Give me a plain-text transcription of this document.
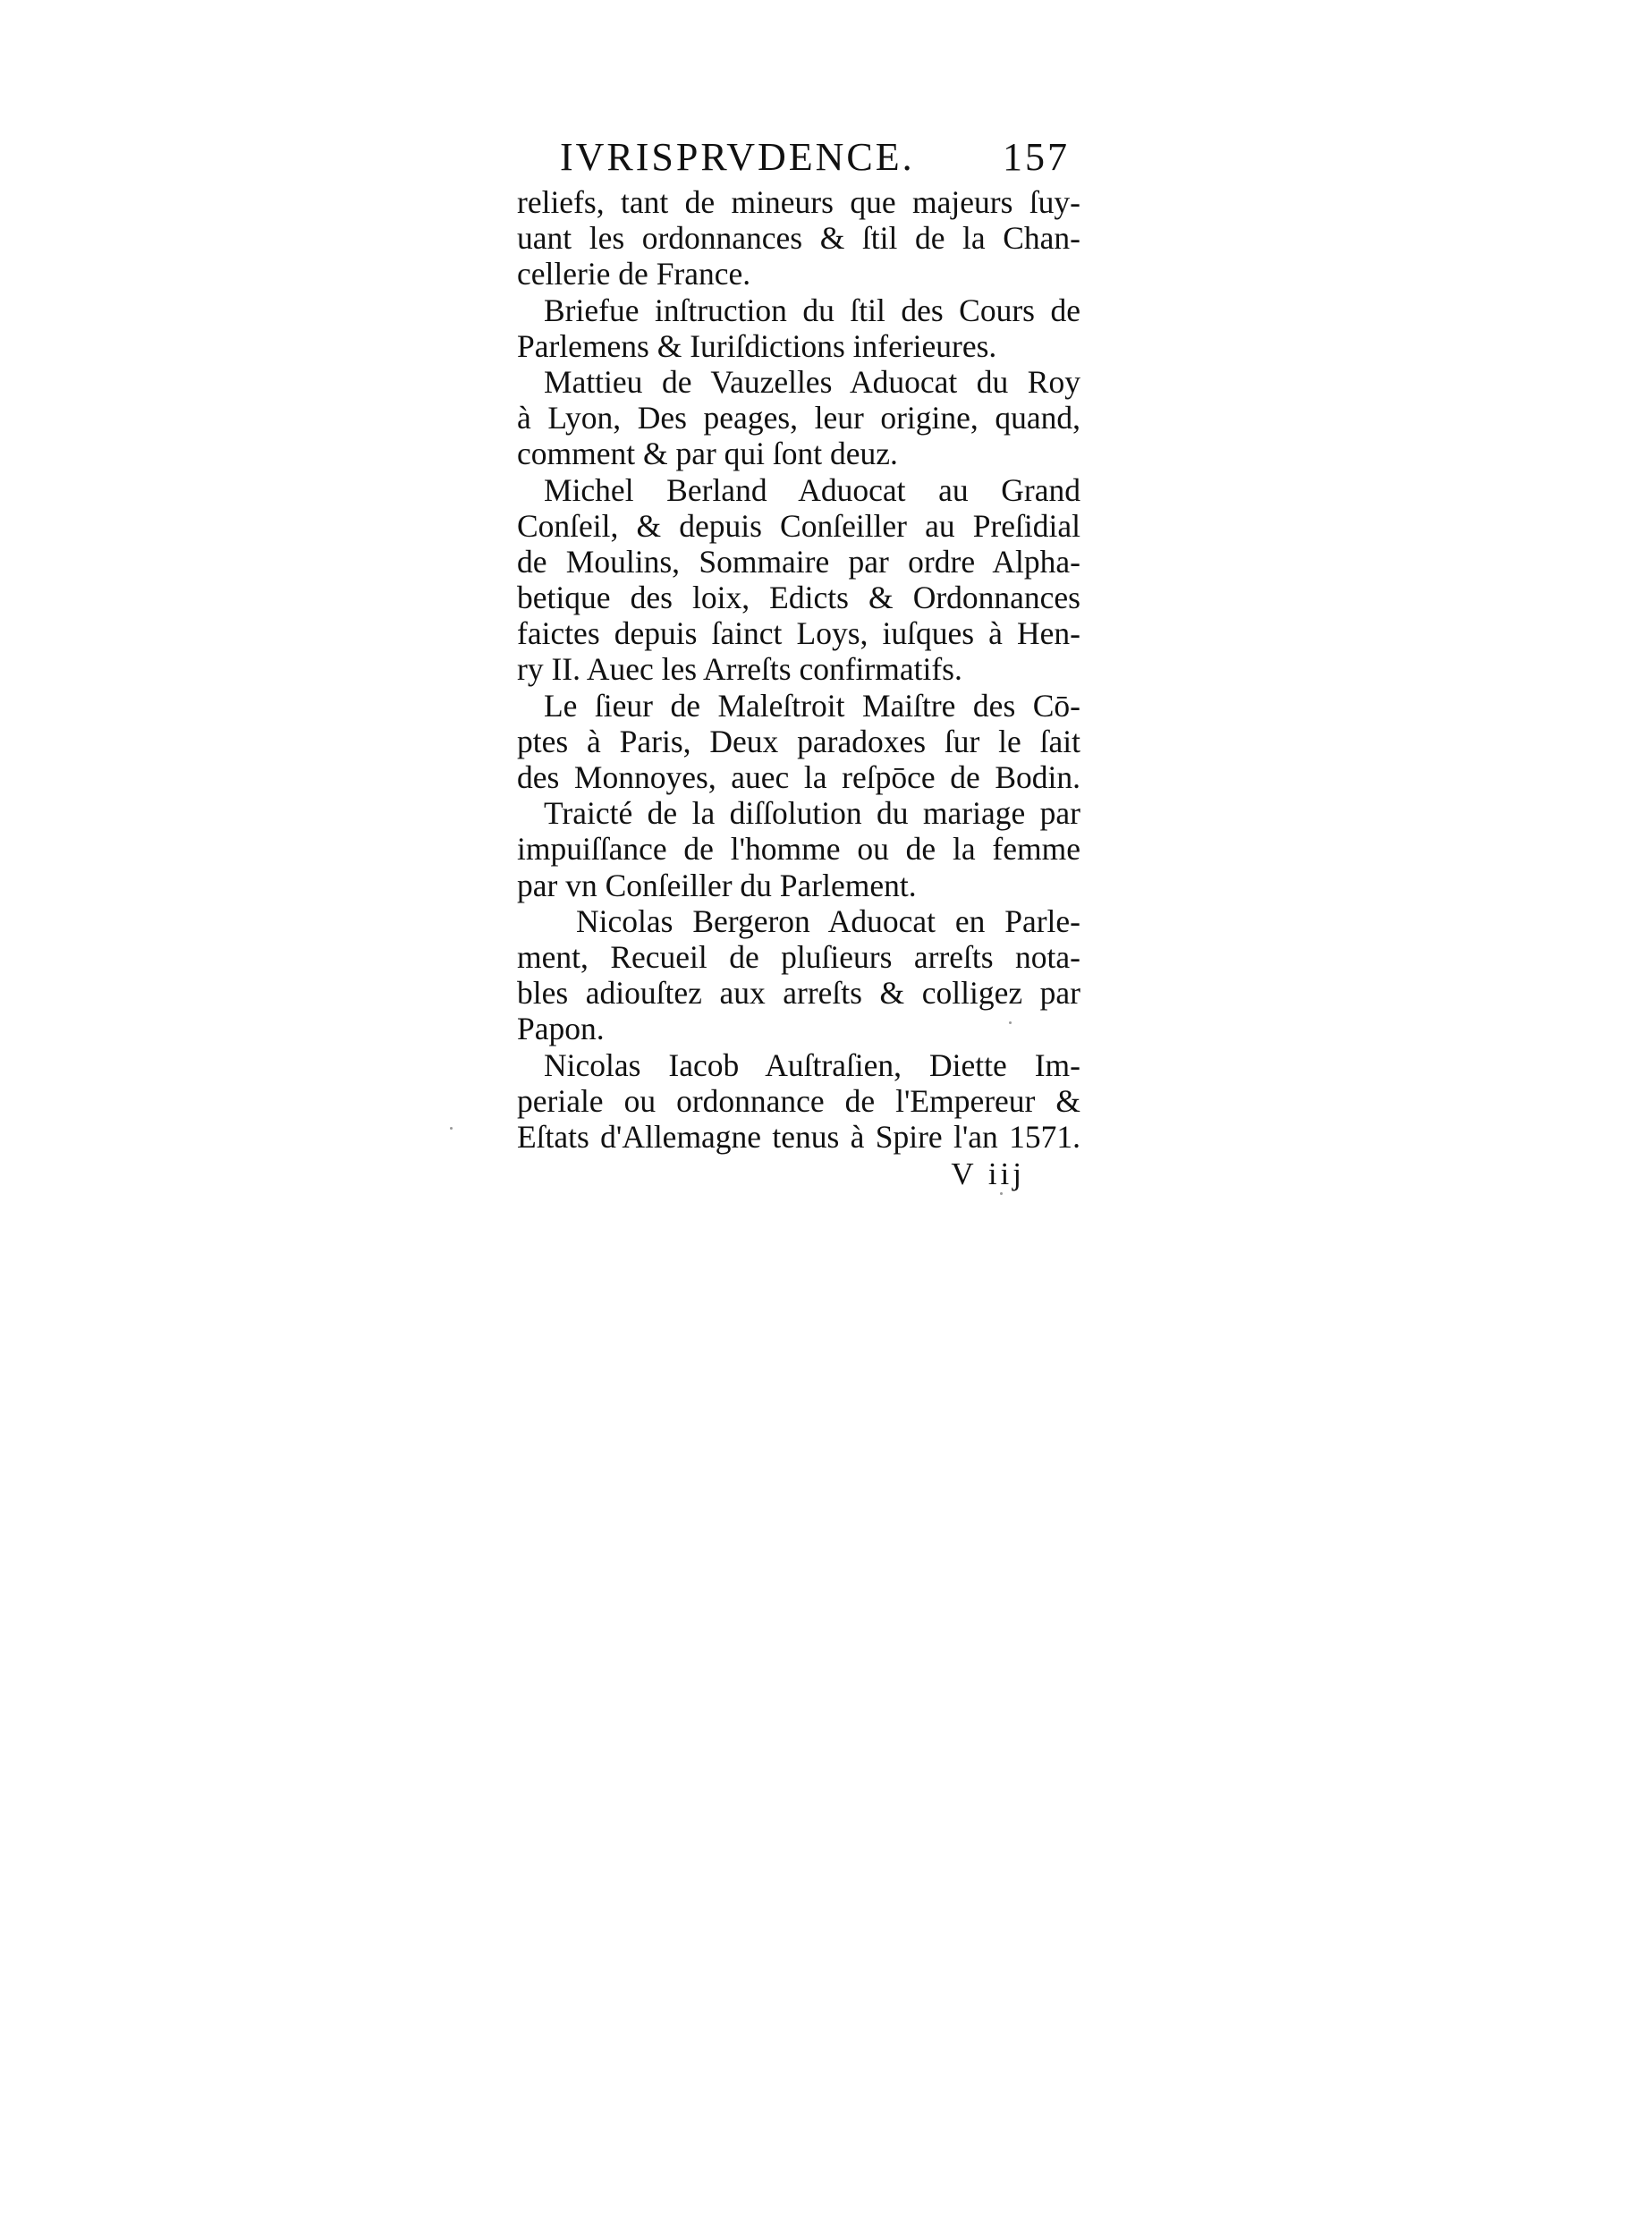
IVRISPRVDENCE. 157
reliefs, tant de mineurs que majeurs ſuy-
uant les ordonnances & ſtil de la Chan-
cellerie de France.
Briefue inſtruction du ſtil des Cours de
Parlemens & Iuriſdictions inferieures.
Mattieu de Vauzelles Aduocat du Roy
à Lyon, Des peages, leur origine, quand,
comment & par qui ſont deuz.
Michel Berland Aduocat au Grand
Conſeil, & depuis Conſeiller au Preſidial
de Moulins, Sommaire par ordre Alpha-
betique des loix, Edicts & Ordonnances
faictes depuis ſainct Loys, iuſques à Hen-
ry II. Auec les Arreſts confirmatifs.
Le ſieur de Maleſtroit Maiſtre des Cō-
ptes à Paris, Deux paradoxes ſur le ſait
des Monnoyes, auec la reſpōce de Bodin.
Traicté de la diſſolution du mariage par
impuiſſance de l'homme ou de la femme
par vn Conſeiller du Parlement.
Nicolas Bergeron Aduocat en Parle-
ment, Recueil de pluſieurs arreſts nota-
bles adiouſtez aux arreſts & colligez par
Papon.
Nicolas Iacob Auſtraſien, Diette Im-
periale ou ordonnance de l'Empereur &
Eſtats d'Allemagne tenus à Spire l'an 1571.
V iij
